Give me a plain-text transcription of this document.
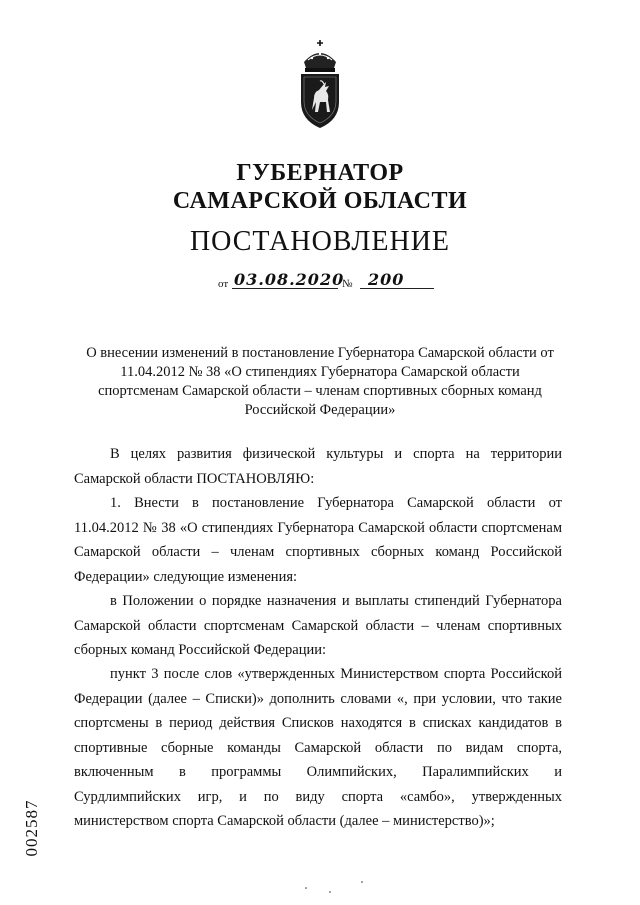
ГУБЕРНАТОР
САМАРСКОЙ ОБЛАСТИ
ПОСТАНОВЛЕНИЕ
от 03.08.2020
№ 200
О внесении изменений в постановление Губернатора Самарской области от 11.04.2012 № 38 «О стипендиях Губернатора Самарской области спортсменам Самарской области – членам спортивных сборных команд Российской Федерации»
В целях развития физической культуры и спорта на территории Самарской области ПОСТАНОВЛЯЮ:
1. Внести в постановление Губернатора Самарской области от 11.04.2012 № 38 «О стипендиях Губернатора Самарской области спортсменам Самарской области – членам спортивных сборных команд Российской Федерации» следующие изменения:
в Положении о порядке назначения и выплаты стипендий Губернатора Самарской области спортсменам Самарской области – членам спортивных сборных команд Российской Федерации:
пункт 3 после слов «утвержденных Министерством спорта Российской Федерации (далее – Списки)» дополнить словами «, при условии, что такие спортсмены в период действия Списков находятся в списках кандидатов в спортивные сборные команды Самарской области по видам спорта, включенным в программы Олимпийских, Паралимпийских и Сурдлимпийских игр, и по виду спорта «самбо», утвержденных министерством спорта Самарской области (далее – министерство)»;
002587
